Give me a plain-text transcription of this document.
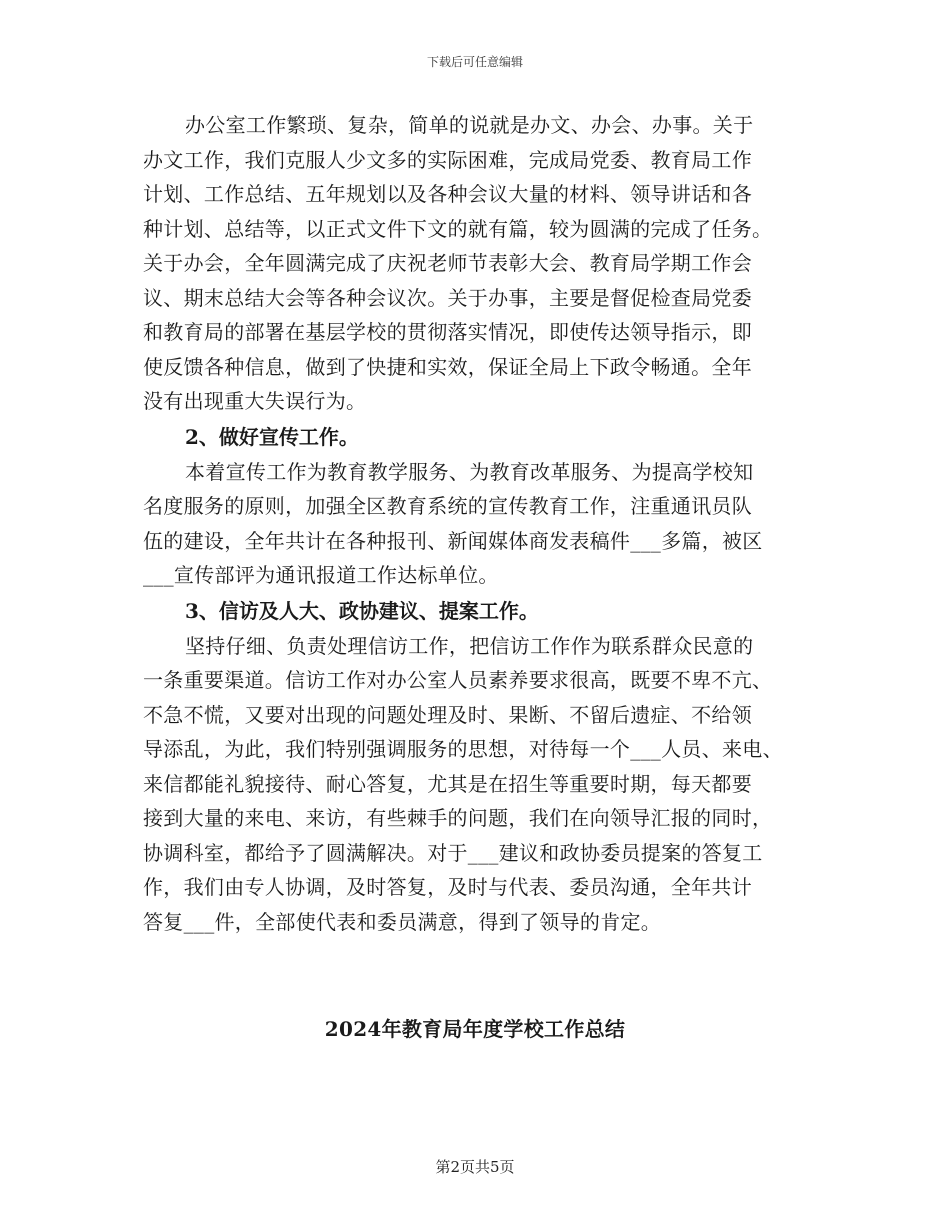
下载后可任意编辑
办公室工作繁琐、复杂，简单的说就是办文、办会、办事。关于
办文工作，我们克服人少文多的实际困难，完成局党委、教育局工作
计划、工作总结、五年规划以及各种会议大量的材料、领导讲话和各
种计划、总结等，以正式文件下文的就有篇，较为圆满的完成了任务。
关于办会，全年圆满完成了庆祝老师节表彰大会、教育局学期工作会
议、期末总结大会等各种会议次。关于办事，主要是督促检查局党委
和教育局的部署在基层学校的贯彻落实情况，即使传达领导指示，即
使反馈各种信息，做到了快捷和实效，保证全局上下政令畅通。全年
没有出现重大失误行为。
2、做好宣传工作。
本着宣传工作为教育教学服务、为教育改革服务、为提高学校知
名度服务的原则，加强全区教育系统的宣传教育工作，注重通讯员队
伍的建设，全年共计在各种报刊、新闻媒体商发表稿件___多篇，被区
___宣传部评为通讯报道工作达标单位。
3、信访及人大、政协建议、提案工作。
坚持仔细、负责处理信访工作，把信访工作作为联系群众民意的
一条重要渠道。信访工作对办公室人员素养要求很高，既要不卑不亢、
不急不慌，又要对出现的问题处理及时、果断、不留后遗症、不给领
导添乱，为此，我们特别强调服务的思想，对待每一个___人员、来电、
来信都能礼貌接待、耐心答复，尤其是在招生等重要时期，每天都要
接到大量的来电、来访，有些棘手的问题，我们在向领导汇报的同时，
协调科室，都给予了圆满解决。对于___建议和政协委员提案的答复工
作，我们由专人协调，及时答复，及时与代表、委员沟通，全年共计
答复___件，全部使代表和委员满意，得到了领导的肯定。
2024年教育局年度学校工作总结
第2页共5页
